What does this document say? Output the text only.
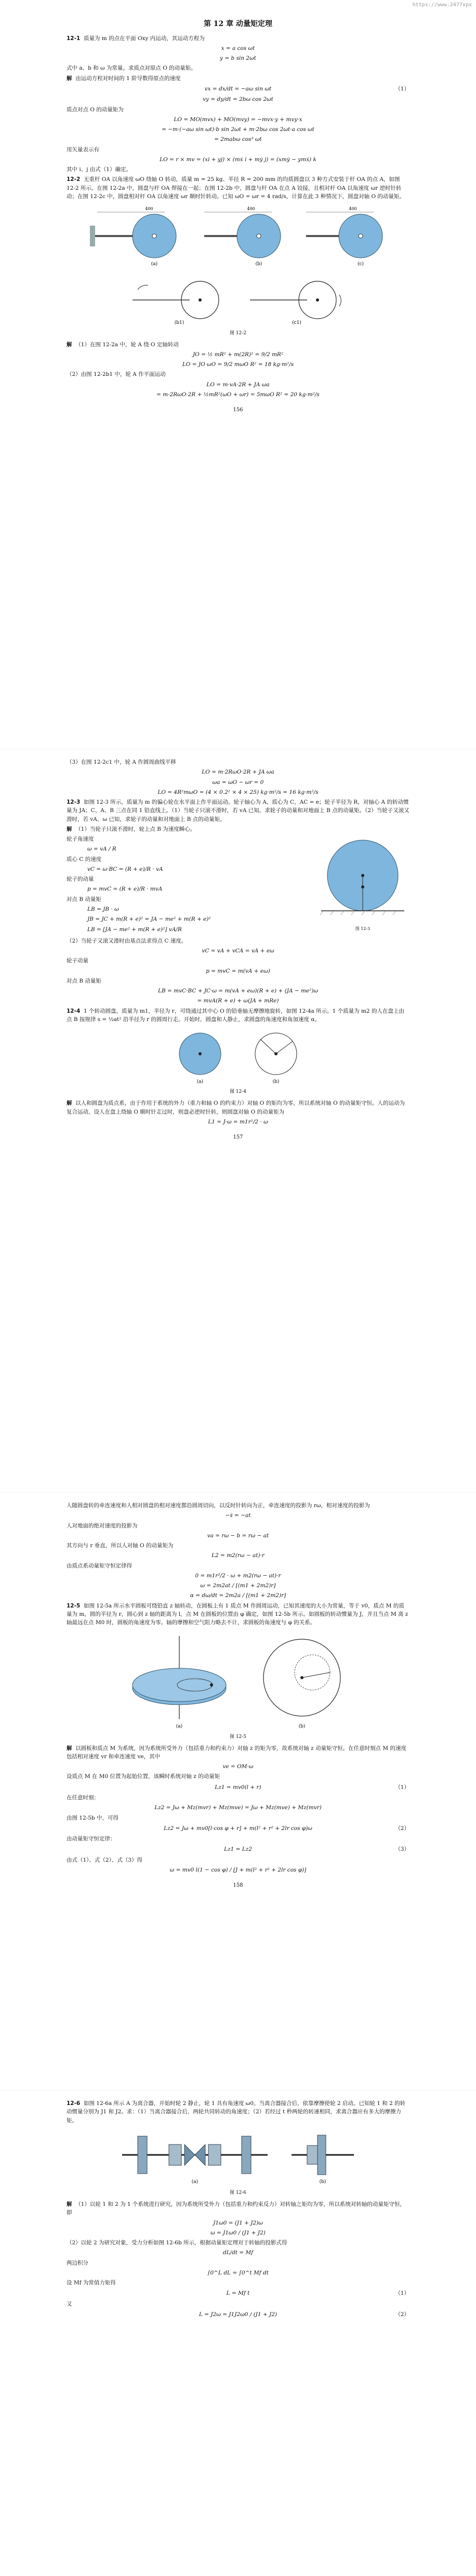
https://www.2477xpx
第 12 章 动量矩定理
12-1 质量为 m 的点在平面 Oxy 内运动，其运动方程为
x = a cos ωt
y = b sin 2ωt
式中 a、b 和 ω 为常量。求质点对原点 O 的动量矩。
解 由运动方程对时间的 1 阶导数得原点的速度
vx = dx/dt = −aω sin ωt	（1）
vy = dy/dt = 2bω cos 2ωt
质点对点 O 的动量矩为
LO = MO(mvx) + MO(mvy) = −mvx·y + mvy·x
= −m·(−aω sin ωt)·b sin 2ωt + m·2bω cos 2ωt·a cos ωt
= 2mabω cos³ ωt
用矢量表示有
LO = r × mv = (xi + yj) × (mẋ i + mẏ j) = (xmẏ − ymẋ) k
其中 i、j 由式（1）确定。
12-2 无重杆 OA 以角速度 ωO 绕轴 O 转动，质量 m = 25 kg、半径 R = 200 mm 的均质圆盘以 3 种方式安装于杆 OA 的点 A，如图 12-2 所示。在图 12-2a 中，圆盘与杆 OA 焊接在一起；在图 12-2b 中，圆盘与杆 OA 在点 A 铰接，且相对杆 OA 以角速度 ωr 逆时针转动；在图 12-2c 中，圆盘相对杆 OA 以角速度 ωr 顺时针转动。已知 ωO = ωr = 4 rad/s，计算在此 3 种情况下，圆盘对轴 O 的动量矩。
400
(a)
400
(b)
400
(c)
(b1)	(c1)
图 12-2
解 （1）在图 12-2a 中，轮 A 绕 O 定轴转动
JO = ½ mR² + m(2R)² = 9/2 mR²
LO = JO ωO = 9/2 mωO R² = 18 kg·m²/s
（2）由图 12-2b1 中，轮 A 作平面运动
LO = m·vA·2R + JA ωa
= m·2RωO·2R + ½mR²(ωO + ωr) = 5mωO R² = 20 kg·m²/s
156
（3）在图 12-2c1 中，轮 A 作圆周曲线平移
LO = m·2RωO·2R + JA ωa
ωa = ωO − ωr = 0
LO = 4R²mωO = (4 × 0.2² × 4 × 25) kg·m²/s = 16 kg·m²/s
12-3 如图 12-3 所示，质量为 m 的偏心轮在水平面上作平面运动。轮子轴心为 A，质心为 C，AC = e；轮子半径为 R，对轴心 A 的转动惯量为 JA；C、A、B 三点在同 1 铅直线上。（1）当轮子只滚不滑时，若 vA 已知，求轮子的动量和对地面上 B 点的动量矩。（2）当轮子又滚又滑时，若 vA、ω 已知，求轮子的动量和对地面上 B 点的动量矩。
解 （1）当轮子只滚不滑时，轮上点 B 为速度瞬心。
图 12-3
轮子角速度
ω = vA / R
质心 C 的速度
vC = ω·BC = (R + e)/R · vA
轮子的动量
p = mvC = (R + e)/R · mvA
对点 B 动量矩
LB = JB · ω
JB = JC + m(R + e)² = JA − me² + m(R + e)²
LB = [JA − me² + m(R + e)²] vA/R
（2）当轮子又滚又滑时由基点法求得点 C 速度。
vC = vA + vCA = vA + eω
轮子动量
p = mvC = m(vA + eω)
对点 B 动量矩
LB = mvC·BC + JC·ω = m(vA + eω)(R + e) + (JA − me²)ω
= mvA(R + e) + ω(JA + mRe)
12-4 1 个转动圆盘，质量为 m1，半径为 r，可绕通过其中心 O 的铅垂轴无摩擦地旋转，如图 12-4a 所示。1 个质量为 m2 的人在盘上由点 B 按规律 s = ½at² 沿半径为 r 的圆周行走。开始时，圆盘和人静止，求圆盘的角速度和角加速度 α。
(a)	(b)
图 12-4
解 以人和圆盘为质点系，由于作用于系统的外力（重力和轴 O 的约束力）对轴 O 的矩均为零，所以系统对轴 O 的动量矩守恒。人的运动为复合运动，设人在盘上绕轴 O 顺时针走过时，则盘必逆时针转，则圆盘对轴 O 的动量矩为
L1 = J·ω = m1r²/2 · ω
157
人随圆盘转的牵连速度和人相对圆盘的相对速度都沿圆周切向，以反时针转向为正，牵连速度的投影为 rω，相对速度的投影为
−ṡ = −at
人对地面的绝对速度的投影为
va = rω − b = rω − at
其方向与 r 垂直，所以人对轴 O 的动量矩为
L2 = m2(rω − at)·r
由质点系动量矩守恒定律得
0 = m1r²/2 · ω + m2(rω − at)·r
ω = 2m2at / [(m1 + 2m2)r]
α = dω/dt = 2m2a / [(m1 + 2m2)r]
12-5 如图 12-5a 所示水平圆板可绕铅直 z 轴转动，在圆板上有 1 质点 M 作圆周运动，已知其速度的大小为常量，等于 v0，质点 M 的质量为 m，圆的半径为 r，圆心到 z 轴的距离为 l，点 M 在圆板的位置由 φ 确定，如图 12-5b 所示。如圆板的转动惯量为 J，并且当点 M 离 z 轴最远在点 M0 时，圆板的角速度为零。轴的摩擦和空气阻力略去不计，求圆板的角速度与 φ 的关系。
(a)	(b)
图 12-5
解 以圆板和质点 M 为系统，因为系统所受外力（包括重力和约束力）对轴 z 的矩为零，故系统对轴 z 动量矩守恒。在任意时刻点 M 的速度包括相对速度 vr 和牵连速度 ve，其中
ve = OM·ω
设质点 M 在 M0 位置为起始位置，该瞬时系统对轴 z 的动量矩
Lz1 = mv0(l + r)	（1）
在任意时刻：
Lz2 = Jω + Mz(mvr) + Mz(mve) = Jω + Mz(mve) + Mz(mvr)
由图 12-5b 中，可得
Lz2 = Jω + mv0[l·cos φ + r] + m(l² + r² + 2lr cos φ)ω	（2）
由动量矩守恒定律：
Lz1 = Lz2	（3）
由式（1）、式（2）、式（3）得
ω = mv0 l(1 − cos φ) / [J + m(l² + r² + 2lr cos φ)]
158
12-6 如图 12-6a 所示 A 为离合器，开始时轮 2 静止，轮 1 具有角速度 ω0。当离合器接合后，依靠摩擦使轮 2 启动。已知轮 1 和 2 的转动惯量分别为 J1 和 J2。求：（1）当离合器接合后，两轮共同转动的角速度；（2）若经过 t 秒两轮的转速相同，求离合器应有多大的摩擦力矩。
(a)	(b)
图 12-6
解 （1）以轮 1 和 2 为 1 个系统进行研究，因为系统所受外力（包括重力和约束反力）对转轴之矩均为零，所以系统对转轴的动量矩守恒，即
J1ω0 = (J1 + J2)ω
ω = J1ω0 / (J1 + J2)
（2）以轮 2 为研究对象，受力分析如图 12-6b 所示，根据动量矩定理对于转轴的投影式得
dL/dt = Mf
两边积分
∫0^L dL = ∫0^t Mf dt
设 Mf 为常值力矩得
L = Mf t	（1）
又
L = J2ω = J1J2ω0 / (J1 + J2)	（2）
